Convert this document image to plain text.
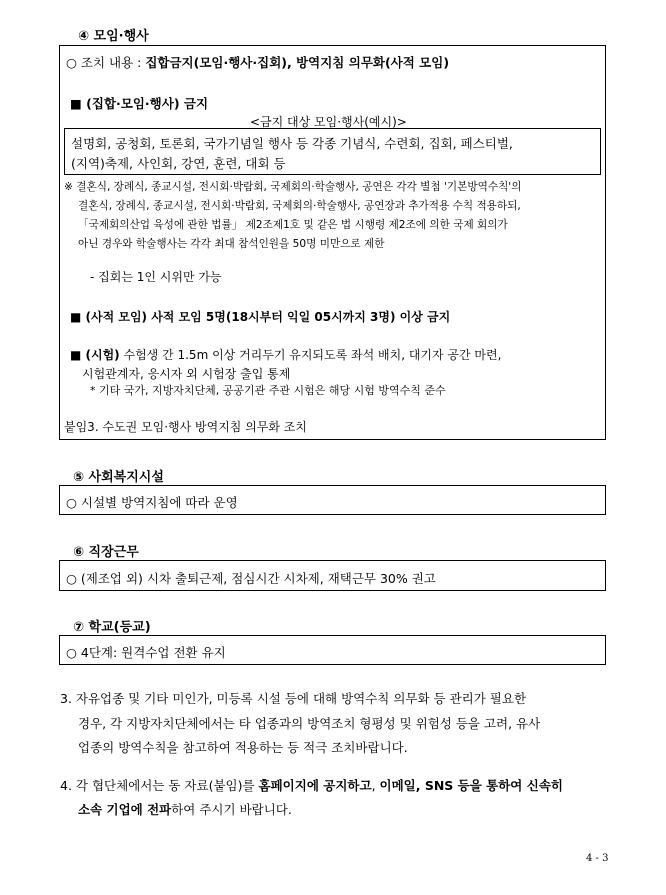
④ 모임·행사
○ 조치 내용 : 집합금지(모임·행사·집회), 방역지침 의무화(사적 모임)
■ (집합·모임·행사) 금지
<금지 대상 모임·행사(예시)>
설명회, 공청회, 토론회, 국가기념일 행사 등 각종 기념식, 수련회, 집회, 페스티벌,
(지역)축제, 사인회, 강연, 훈련, 대회 등
※ 결혼식, 장례식, 종교시설, 전시회·박람회, 국제회의·학술행사, 공연은 각각 별첨 '기본방역수칙'의
결혼식, 장례식, 종교시설, 전시회·박람회, 국제회의·학술행사, 공연장과 추가적용 수칙 적용하되,
「국제회의산업 육성에 관한 법률」 제2조제1호 및 같은 법 시행령 제2조에 의한 국제 회의가
아닌 경우와 학술행사는 각각 최대 참석인원을 50명 미만으로 제한
- 집회는 1인 시위만 가능
■ (사적 모임) 사적 모임 5명(18시부터 익일 05시까지 3명) 이상 금지
■ (시험) 수험생 간 1.5m 이상 거리두기 유지되도록 좌석 배치, 대기자 공간 마련,
시험관계자, 응시자 외 시험장 출입 통제
* 기타 국가, 지방자치단체, 공공기관 주관 시험은 해당 시험 방역수칙 준수
붙임3. 수도권 모임·행사 방역지침 의무화 조치
⑤ 사회복지시설
○ 시설별 방역지침에 따라 운영
⑥ 직장근무
○ (제조업 외) 시차 출퇴근제, 점심시간 시차제, 재택근무 30% 권고
⑦ 학교(등교)
○ 4단계: 원격수업 전환 유지
3. 자유업종 및 기타 미인가, 미등록 시설 등에 대해 방역수칙 의무화 등 관리가 필요한
경우, 각 지방자치단체에서는 타 업종과의 방역조치 형평성 및 위험성 등을 고려, 유사
업종의 방역수칙을 참고하여 적용하는 등 적극 조치바랍니다.
4. 각 협단체에서는 동 자료(붙임)를 홈페이지에 공지하고, 이메일, SNS 등을 통하여 신속히
소속 기업에 전파하여 주시기 바랍니다.
4 - 3
